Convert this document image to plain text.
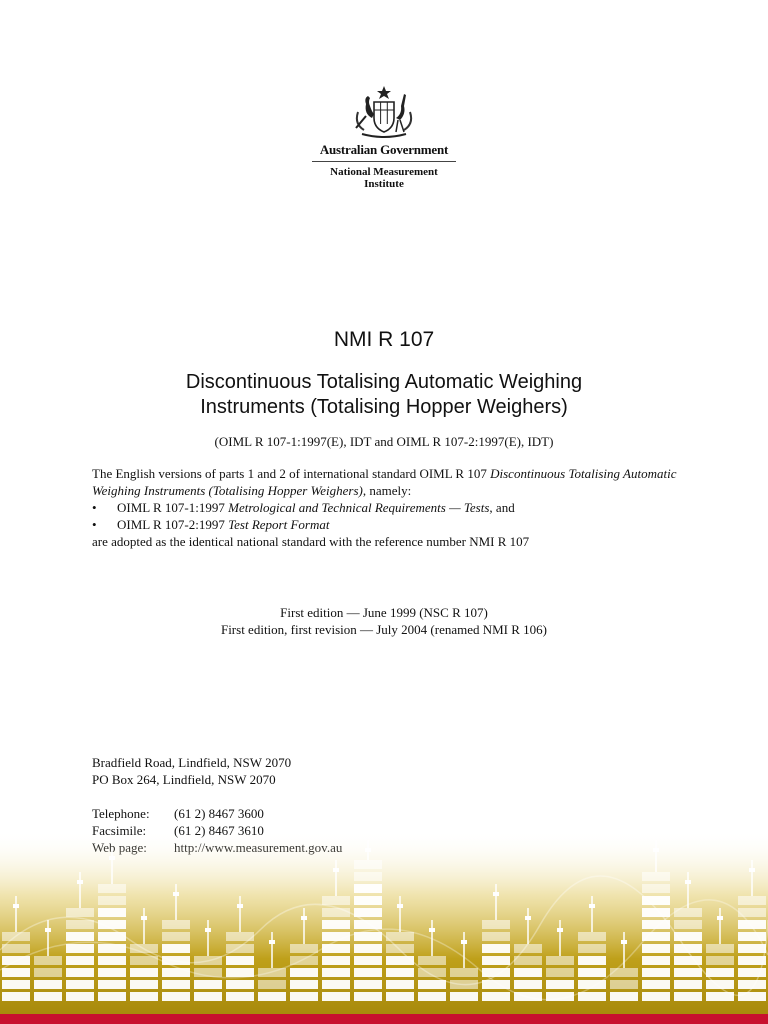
Australian Government
National Measurement
Institute
NMI R 107
Discontinuous Totalising Automatic Weighing
Instruments (Totalising Hopper Weighers)
(OIML R 107-1:1997(E), IDT and OIML R 107-2:1997(E), IDT)

The English versions of parts 1 and 2 of international standard OIML R 107 Discontinuous Totalising Automatic Weighing Instruments (Totalising Hopper Weighers), namely:

• OIML R 107-1:1997 Metrological and Technical Requirements — Tests, and
• OIML R 107-2:1997 Test Report Format

are adopted as the identical national standard with the reference number NMI R 107

First edition — June 1999 (NSC R 107)

First edition, first revision — July 2004 (renamed NMI R 106)

Bradfield Road, Lindfield, NSW 2070

PO Box 264, Lindfield, NSW 2070

Telephone:	(61 2) 8467 3600
